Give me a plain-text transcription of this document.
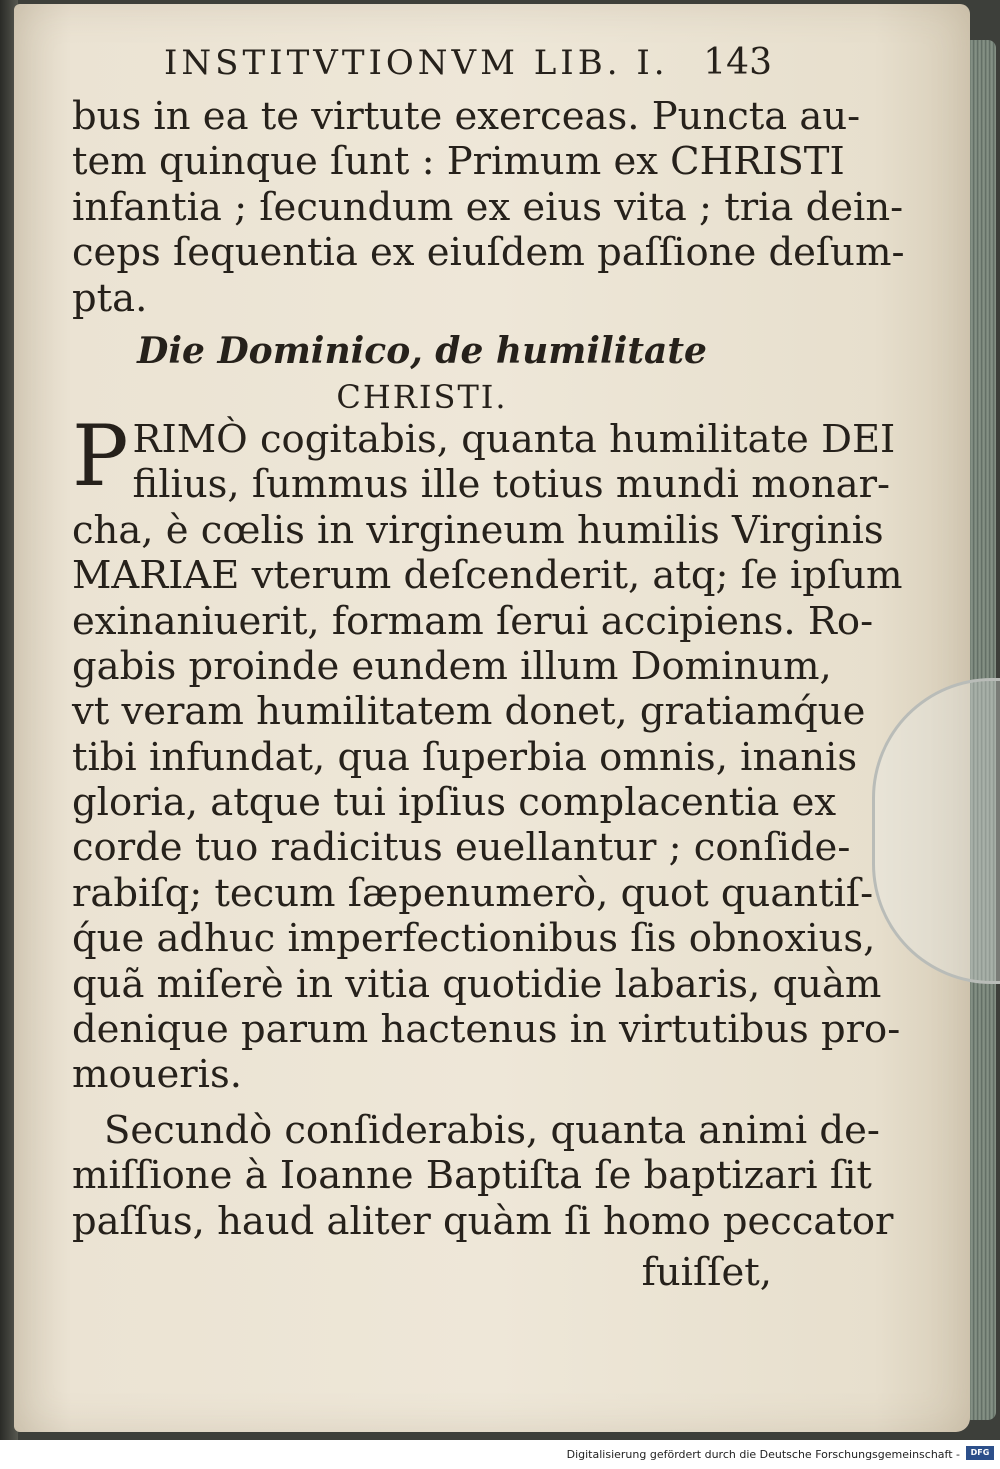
INSTITVTIONVM LIB. I. 143
bus in ea te virtute exerceas. Puncta au-
tem quinque ſunt : Primum ex CHRISTI
infantia ; ſecundum ex eius vita ; tria dein-
ceps ſequentia ex eiuſdem paſſione deſum-
pta.
Die Dominico, de humilitate
CHRISTI.
P RIMÒ cogitabis, quanta humilitate DEI
filius, ſummus ille totius mundi monar-
cha, è cœlis in virgineum humilis Virginis
MARIAE vterum deſcenderit, atq; ſe ipſum
exinaniuerit, formam ſerui accipiens. Ro-
gabis proinde eundem illum Dominum,
vt veram humilitatem donet, gratiamq́ue
tibi infundat, qua ſuperbia omnis, inanis
gloria, atque tui ipſius complacentia ex
corde tuo radicitus euellantur ; conſide-
rabiſq; tecum ſæpenumerò, quot quantiſ-
q́ue adhuc imperfectionibus ſis obnoxius,
quã miſerè in vitia quotidie labaris, quàm
denique parum hactenus in virtutibus pro-
moueris.
Secundò conſiderabis, quanta animi de-
miſſione à Ioanne Baptiſta ſe baptizari ſit
paſſus, haud aliter quàm ſi homo peccator
fuiſſet,
Digitalisierung gefördert durch die Deutsche Forschungsgemeinschaft -	DFG
